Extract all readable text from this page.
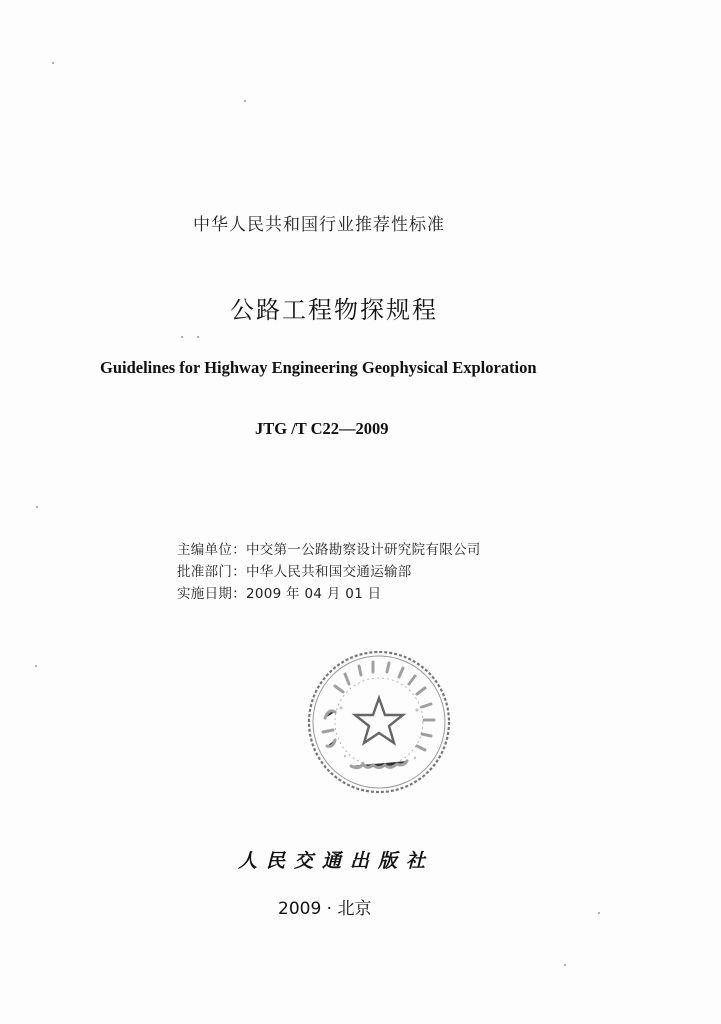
中华人民共和国行业推荐性标准
公路工程物探规程
Guidelines for Highway Engineering Geophysical Exploration
JTG /T C22—2009
主编单位：中交第一公路勘察设计研究院有限公司
批准部门：中华人民共和国交通运输部
实施日期：2009 年 04 月 01 日
人民交通出版社
2009 · 北京
